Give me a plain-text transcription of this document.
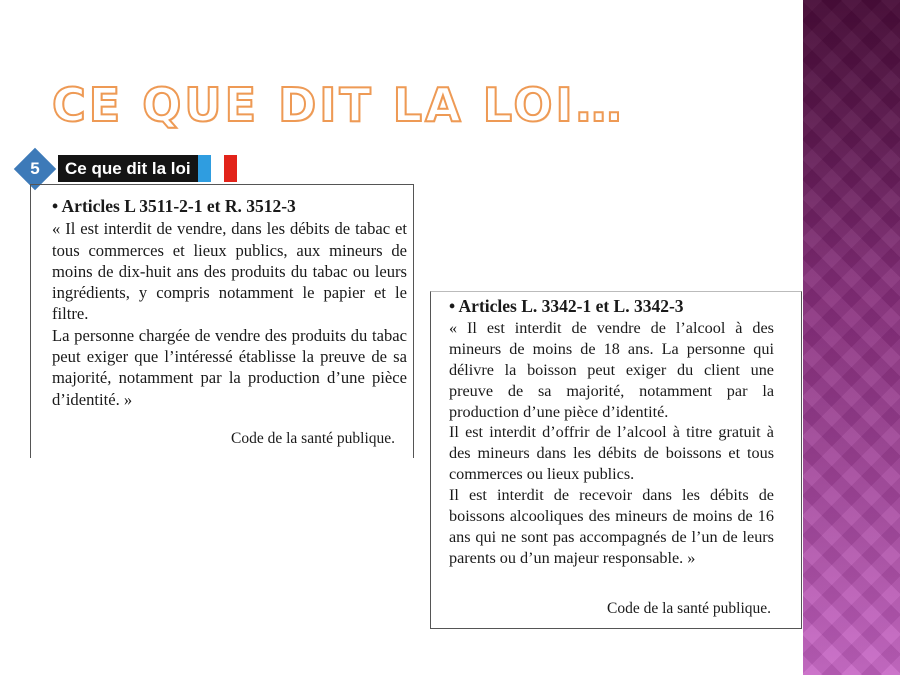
CE QUE DIT LA LOI…
5	Ce que dit la loi
• Articles L 3511-2-1 et R. 3512-3

« Il est interdit de vendre, dans les débits de tabac et tous commerces et lieux publics, aux mineurs de moins de dix-huit ans des produits du tabac ou leurs ingrédients, y compris notamment le papier et le filtre.

La personne chargée de vendre des produits du tabac peut exiger que l’intéressé établisse la preuve de sa majorité, notamment par la production d’une pièce d’identité. »

Code de la santé publique.
• Articles L. 3342-1 et L. 3342-3

« Il est interdit de vendre de l’alcool à des mineurs de moins de 18 ans. La personne qui délivre la boisson peut exiger du client une preuve de sa majorité, notamment par la production d’une pièce d’identité.

Il est interdit d’offrir de l’alcool à titre gratuit à des mineurs dans les débits de boissons et tous commerces ou lieux publics.

Il est interdit de recevoir dans les débits de boissons alcooliques des mineurs de moins de 16 ans qui ne sont pas accompagnés de l’un de leurs parents ou d’un majeur responsable. »

Code de la santé publique.
